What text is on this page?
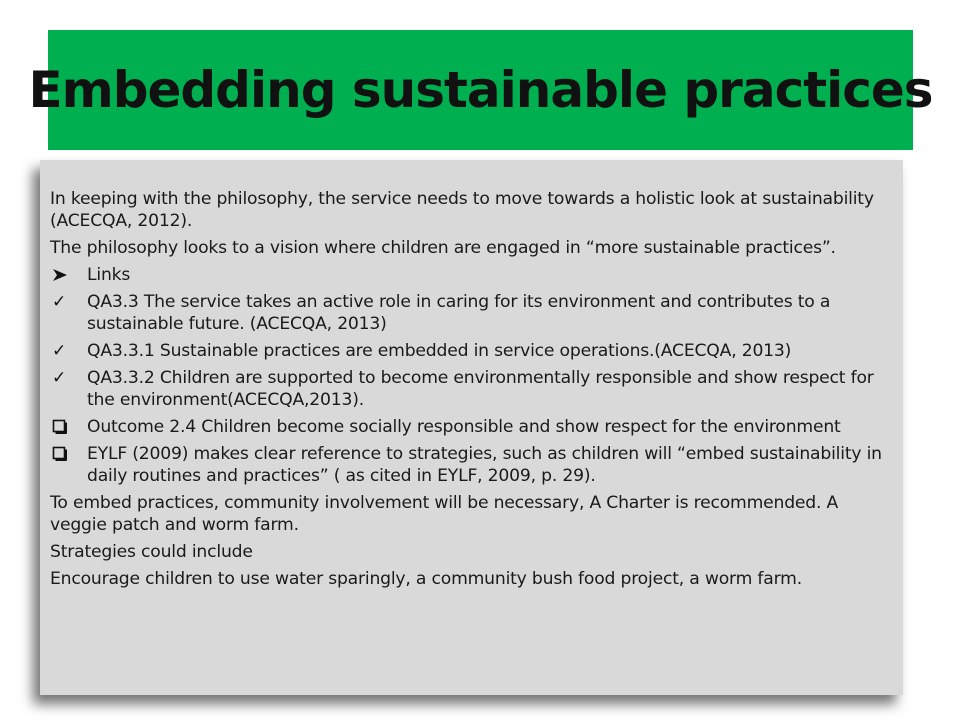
Embedding sustainable practices

In keeping with the philosophy, the service needs to move towards a holistic look at sustainability (ACECQA, 2012).

The philosophy looks to a vision where children are engaged in “more sustainable practices”.

Links
✓	QA3.3 The service takes an active role in caring for its environment and contributes to a sustainable future. (ACECQA, 2013)
✓	QA3.3.1 Sustainable practices are embedded in service operations.(ACECQA, 2013)
✓	QA3.3.2 Children are supported to become environmentally responsible and show respect for the environment(ACECQA,2013).
Outcome 2.4 Children become socially responsible and show respect for the environment
EYLF (2009) makes clear reference to strategies, such as children will “embed sustainability in daily routines and practices” ( as cited in EYLF, 2009, p. 29).

To embed practices, community involvement will be necessary, A Charter is recommended. A veggie patch and worm farm.

Strategies could include

Encourage children to use water sparingly, a community bush food project, a worm farm.
